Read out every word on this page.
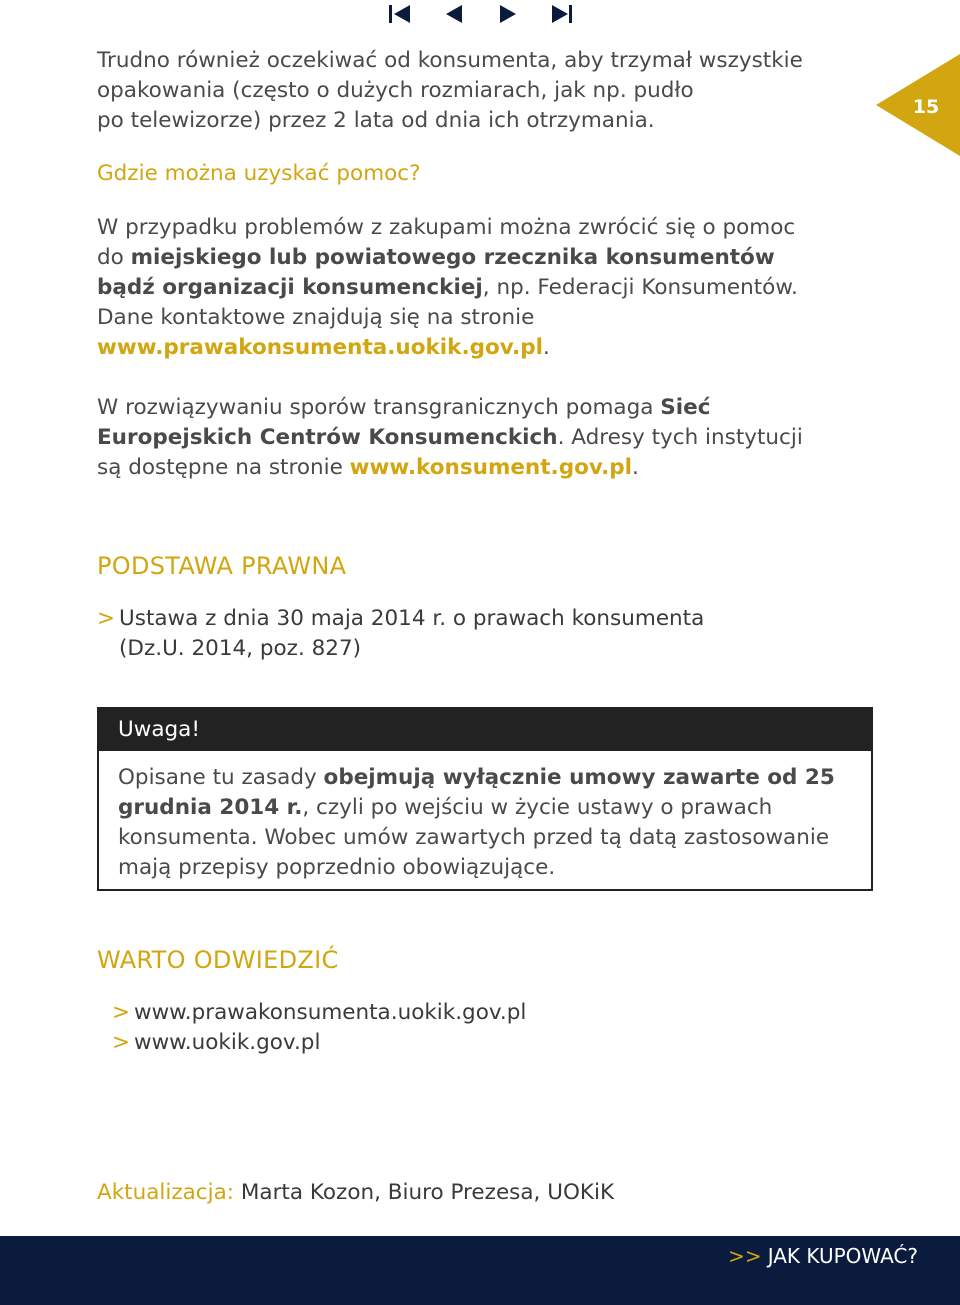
15

Trudno również oczekiwać od konsumenta, aby trzymał wszystkie
opakowania (często o dużych rozmiarach, jak np. pudło
po telewizorze) przez 2 lata od dnia ich otrzymania.

Gdzie można uzyskać pomoc?

W przypadku problemów z zakupami można zwrócić się o pomoc
do miejskiego lub powiatowego rzecznika konsumentów bądź organizacji konsumenckiej, np. Federacji Konsumentów.
Dane kontaktowe znajdują się na stronie
www.prawakonsumenta.uokik.gov.pl.

W rozwiązywaniu sporów transgranicznych pomaga Sieć Europejskich Centrów Konsumenckich. Adresy tych instytucji są dostępne na stronie www.konsument.gov.pl.

PODSTAWA PRAWNA
> Ustawa z dnia 30 maja 2014 r. o prawach konsumenta
(Dz.U. 2014, poz. 827)
Uwaga!

Opisane tu zasady obejmują wyłącznie umowy zawarte od 25 grudnia 2014 r., czyli po wejściu w życie ustawy o prawach konsumenta. Wobec umów zawartych przed tą datą zastosowanie mają przepisy poprzednio obowiązujące.

WARTO ODWIEDZIĆ
> www.prawakonsumenta.uokik.gov.pl
> www.uokik.gov.pl

Aktualizacja: Marta Kozon, Biuro Prezesa, UOKiK

>> JAK KUPOWAĆ?
